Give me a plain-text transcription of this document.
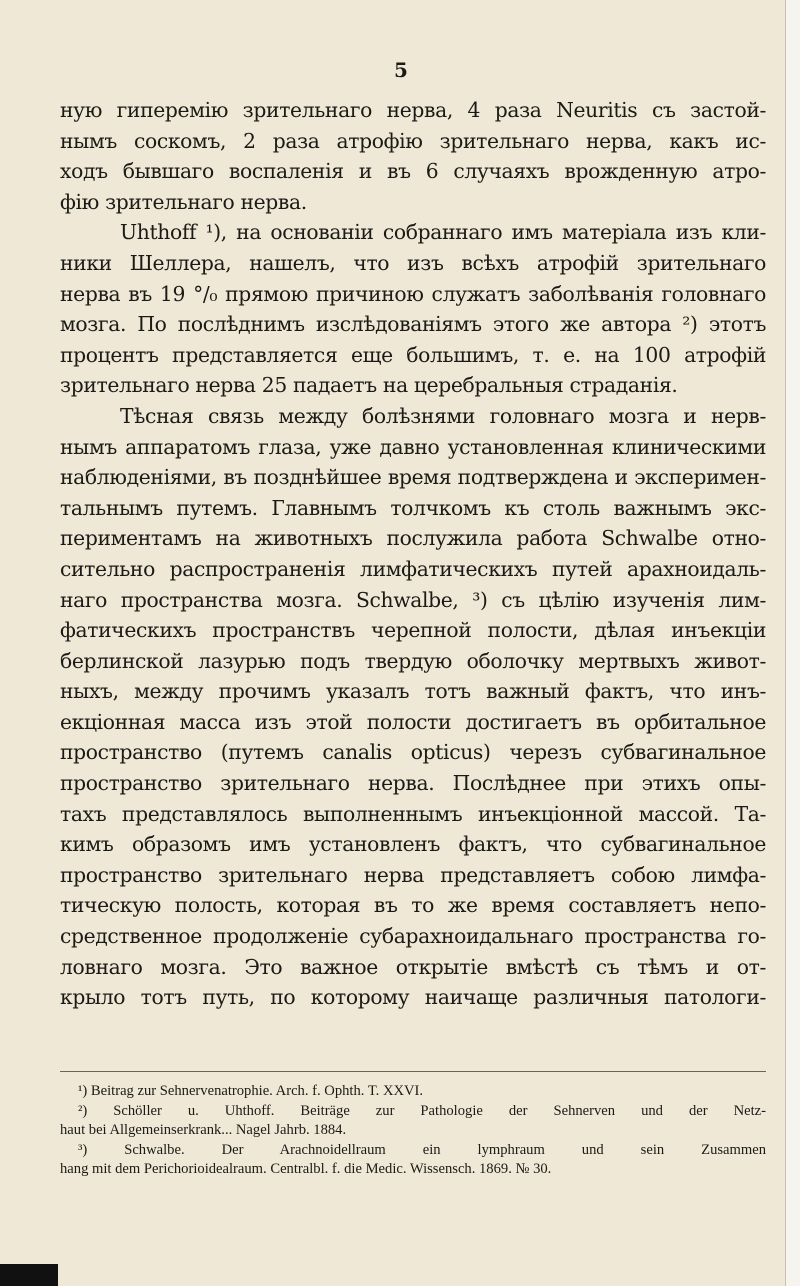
5
ную гиперемію зрительнаго нерва, 4 раза Neuritis съ застой-
нымъ соскомъ, 2 раза атрофію зрительнаго нерва, какъ ис-
ходъ бывшаго воспаленія и въ 6 случаяхъ врожденную атро-
фію зрительнаго нерва.
Uhthoff ¹), на основаніи собраннаго имъ матеріала изъ кли-
ники Шеллера, нашелъ, что изъ всѣхъ атрофій зрительнаго
нерва въ 19 °/₀ прямою причиною служатъ заболѣванія головнаго
мозга. По послѣднимъ изслѣдованіямъ этого же автора ²) этотъ
процентъ представляется еще большимъ, т. е. на 100 атрофій
зрительнаго нерва 25 падаетъ на церебральныя страданія.
Тѣсная связь между болѣзнями головнаго мозга и нерв-
нымъ аппаратомъ глаза, уже давно установленная клиническими
наблюденіями, въ позднѣйшее время подтверждена и эксперимен-
тальнымъ путемъ. Главнымъ толчкомъ къ столь важнымъ экс-
периментамъ на животныхъ послужила работа Schwalbe отно-
сительно распространенія лимфатическихъ путей арахноидаль-
наго пространства мозга. Schwalbe, ³) съ цѣлію изученія лим-
фатическихъ пространствъ черепной полости, дѣлая инъекціи
берлинской лазурью подъ твердую оболочку мертвыхъ живот-
ныхъ, между прочимъ указалъ тотъ важный фактъ, что инъ-
екціонная масса изъ этой полости достигаетъ въ орбитальное
пространство (путемъ canalis opticus) черезъ субвагинальное
пространство зрительнаго нерва. Послѣднее при этихъ опы-
тахъ представлялось выполненнымъ инъекціонной массой. Та-
кимъ образомъ имъ установленъ фактъ, что субвагинальное
пространство зрительнаго нерва представляетъ собою лимфа-
тическую полость, которая въ то же время составляетъ непо-
средственное продолженіе субарахноидальнаго пространства го-
ловнаго мозга. Это важное открытіе вмѣстѣ съ тѣмъ и от-
крыло тотъ путь, по которому наичаще различныя патологи-
¹) Beitrag zur Sehnervenatrophie. Arch. f. Ophth. T. XXVI.
²) Schöller u. Uhthoff. Beiträge zur Pathologie der Sehnerven und der Netz-
haut bei Allgemeinserkrank... Nagel Jahrb. 1884.
³) Schwalbe. Der Arachnoidellraum ein lymphraum und sein Zusammen
hang mit dem Perichorioidealraum. Centralbl. f. die Medic. Wissensch. 1869. № 30.
